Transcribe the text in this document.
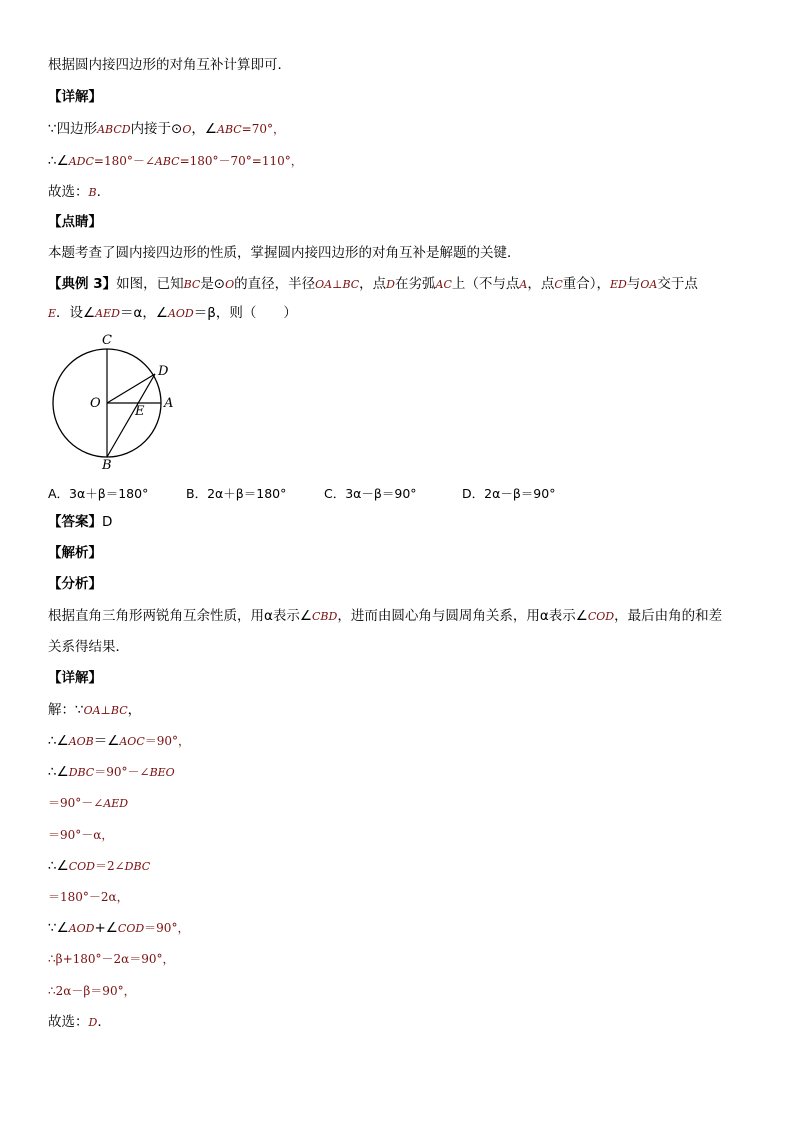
根据圆内接四边形的对角互补计算即可．
【详解】
∵四边形ABCD内接于⊙O，∠ABC=70°，
∴∠ADC=180°－∠ABC=180°－70°=110°，
故选：B.
【点睛】
本题考查了圆内接四边形的性质，掌握圆内接四边形的对角互补是解题的关键．
【典例 3】如图，已知BC是⊙O的直径，半径OA⊥BC，点D在劣弧AC上（不与点A，点C重合），ED与OA交于点
E．设∠AED＝α，∠AOD＝β，则（　　）
C
D
O
E
A
B
A．3α＋β＝180°	B．2α＋β＝180°	C．3α－β＝90°	D．2α－β＝90°
【答案】D
【解析】
【分析】
根据直角三角形两锐角互余性质，用α表示∠CBD，进而由圆心角与圆周角关系，用α表示∠COD，最后由角的和差
关系得结果．
【详解】
解：∵OA⊥BC，
∴∠AOB＝∠AOC＝90°，
∴∠DBC＝90°－∠BEO
＝90°－∠AED
＝90°－α，
∴∠COD＝2∠DBC
＝180°－2α，
∵∠AOD+∠COD＝90°，
∴β+180°－2α＝90°，
∴2α－β＝90°，
故选：D.
